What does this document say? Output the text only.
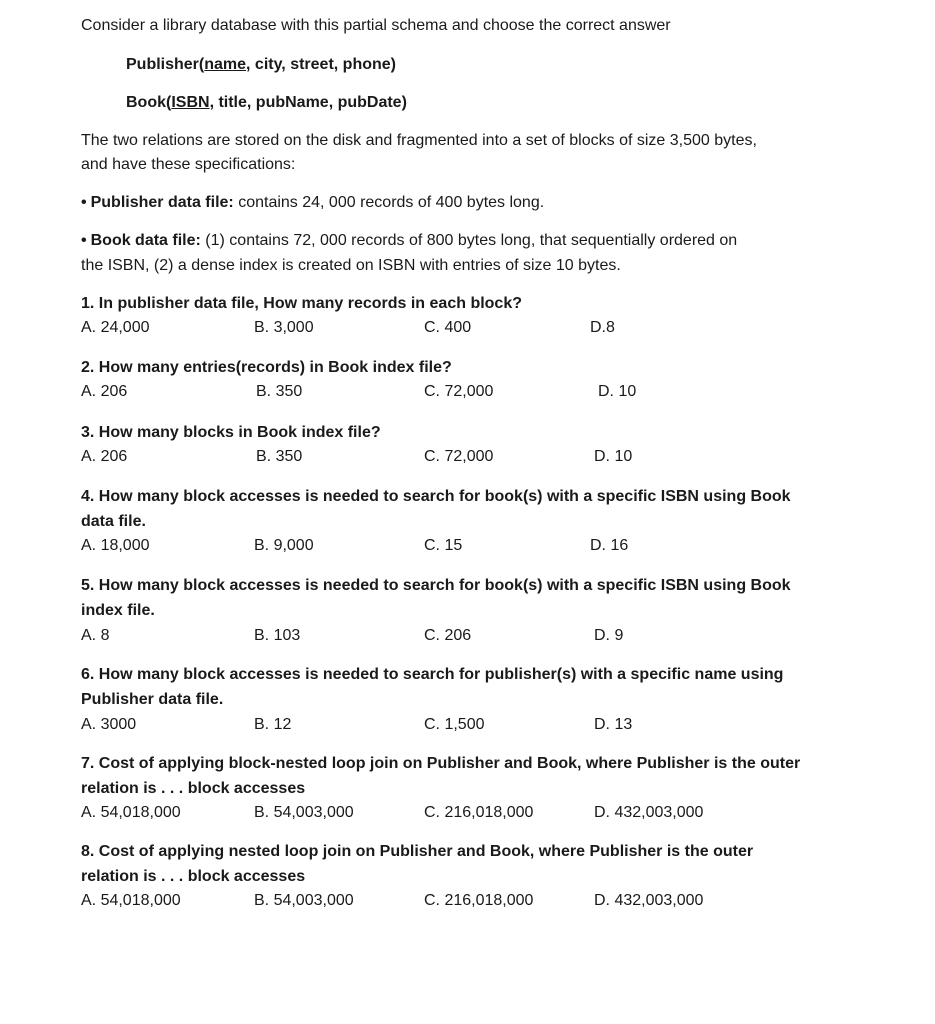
Consider a library database with this partial schema and choose the correct answer
Publisher(name, city, street, phone)
Book(ISBN, title, pubName, pubDate)
The two relations are stored on the disk and fragmented into a set of blocks of size 3,500 bytes,
and have these specifications:
• Publisher data file: contains 24, 000 records of 400 bytes long.
• Book data file: (1) contains 72, 000 records of 800 bytes long, that sequentially ordered on
the ISBN, (2) a dense index is created on ISBN with entries of size 10 bytes.
1. In publisher data file, How many records in each block?
A. 24,000	B. 3,000	C. 400	D.8
2. How many entries(records) in Book index file?
A. 206	B. 350	C. 72,000	D. 10
3. How many blocks in Book index file?
A. 206	B. 350	C. 72,000	D. 10
4. How many block accesses is needed to search for book(s) with a specific ISBN using Book
data file.
A. 18,000	B. 9,000	C. 15	D. 16
5. How many block accesses is needed to search for book(s) with a specific ISBN using Book
index file.
A. 8	B. 103	C. 206	D. 9
6. How many block accesses is needed to search for publisher(s) with a specific name using
Publisher data file.
A. 3000	B. 12	C. 1,500	D. 13
7. Cost of applying block-nested loop join on Publisher and Book, where Publisher is the outer
relation is . . . block accesses
A. 54,018,000	B. 54,003,000	C. 216,018,000	D. 432,003,000
8. Cost of applying nested loop join on Publisher and Book, where Publisher is the outer
relation is . . . block accesses
A. 54,018,000	B. 54,003,000	C. 216,018,000	D. 432,003,000
